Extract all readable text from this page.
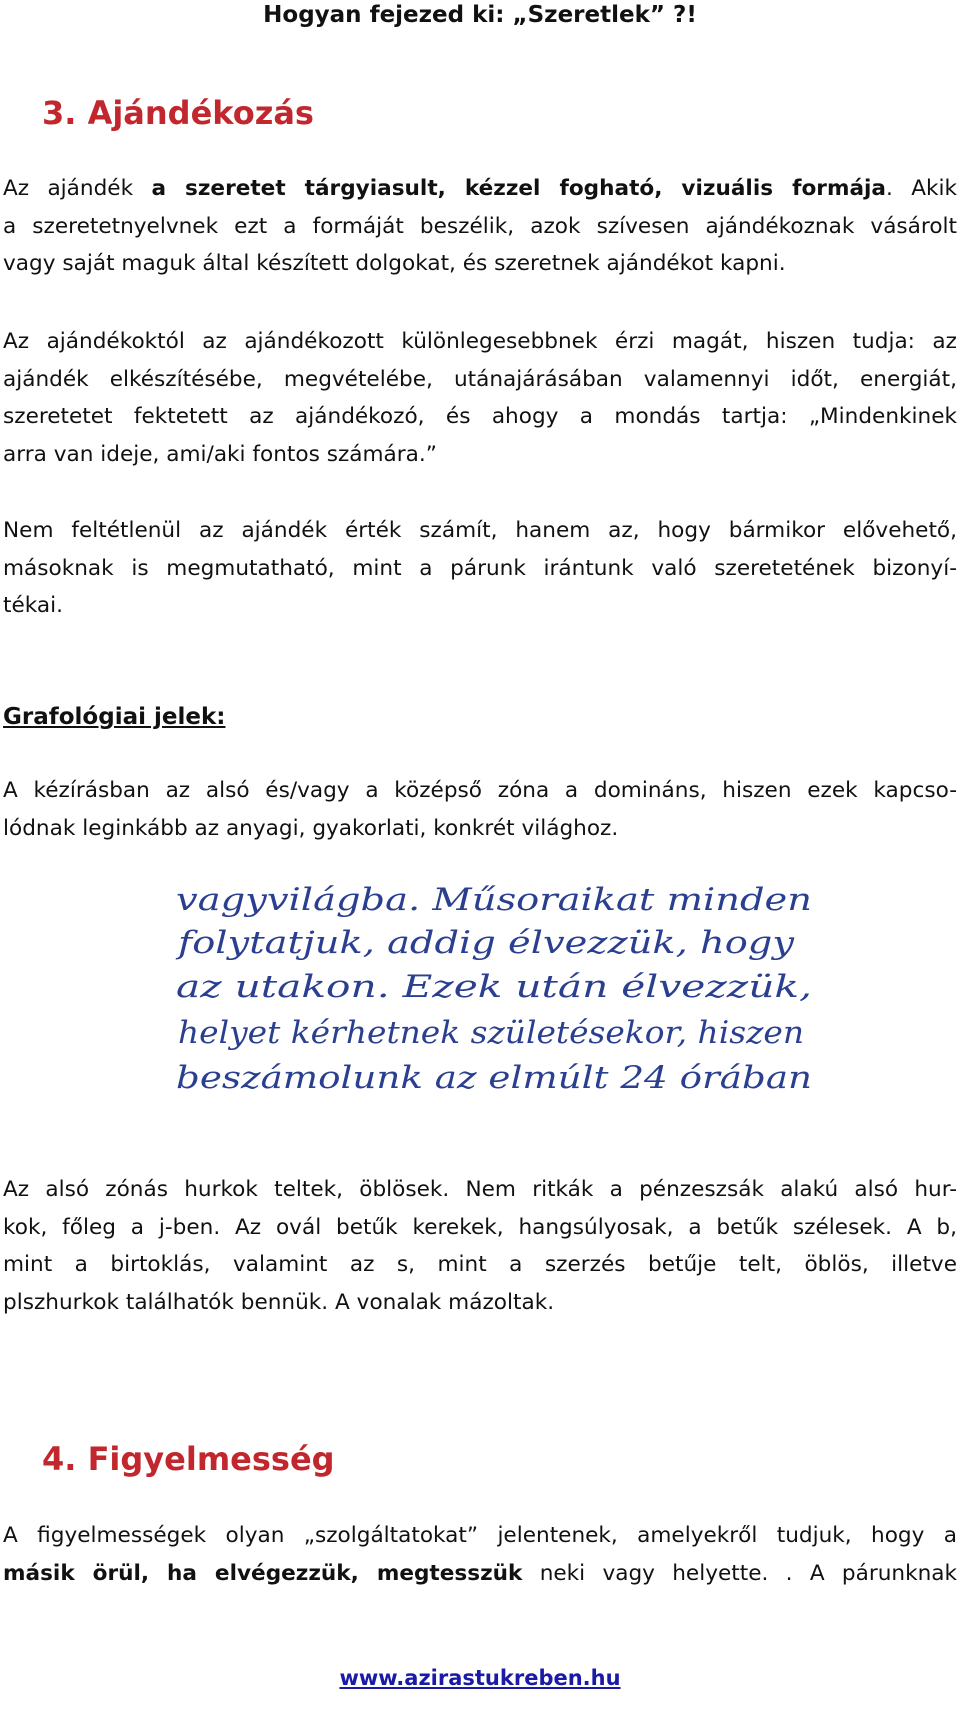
Hogyan fejezed ki: „Szeretlek” ?!
3. Ajándékozás
Az ajándék a szeretet tárgyiasult, kézzel fogható, vizuális formája. Akik
a szeretetnyelvnek ezt a formáját beszélik, azok szívesen ajándékoznak vásárolt
vagy saját maguk által készített dolgokat, és szeretnek ajándékot kapni.
Az ajándékoktól az ajándékozott különlegesebbnek érzi magát, hiszen tudja: az
ajándék elkészítésébe, megvételébe, utánajárásában valamennyi időt, energiát,
szeretetet fektetett az ajándékozó, és ahogy a mondás tartja: „Mindenkinek
arra van ideje, ami/aki fontos számára.”
Nem feltétlenül az ajándék érték számít, hanem az, hogy bármikor elővehető,
másoknak is megmutatható, mint a párunk irántunk való szeretetének bizonyí-
tékai.
Grafológiai jelek:
A kézírásban az alsó és/vagy a középső zóna a domináns, hiszen ezek kapcso-
lódnak leginkább az anyagi, gyakorlati, konkrét világhoz.
vagyvilágba. Műsoraikat minden
folytatjuk, addig élvezzük, hogy
az utakon. Ezek után élvezzük,
helyet kérhetnek születésekor, hiszen
beszámolunk az elmúlt 24 órában
Az alsó zónás hurkok teltek, öblösek. Nem ritkák a pénzeszsák alakú alsó hur-
kok, főleg a j-ben. Az ovál betűk kerekek, hangsúlyosak, a betűk szélesek. A b,
mint a birtoklás, valamint az s, mint a szerzés betűje telt, öblös, illetve
plszhurkok találhatók bennük. A vonalak mázoltak.
4. Figyelmesség
A figyelmességek olyan „szolgáltatokat” jelentenek, amelyekről tudjuk, hogy a
másik örül, ha elvégezzük, megtesszük neki vagy helyette. . A párunknak
www.azirastukreben.hu
